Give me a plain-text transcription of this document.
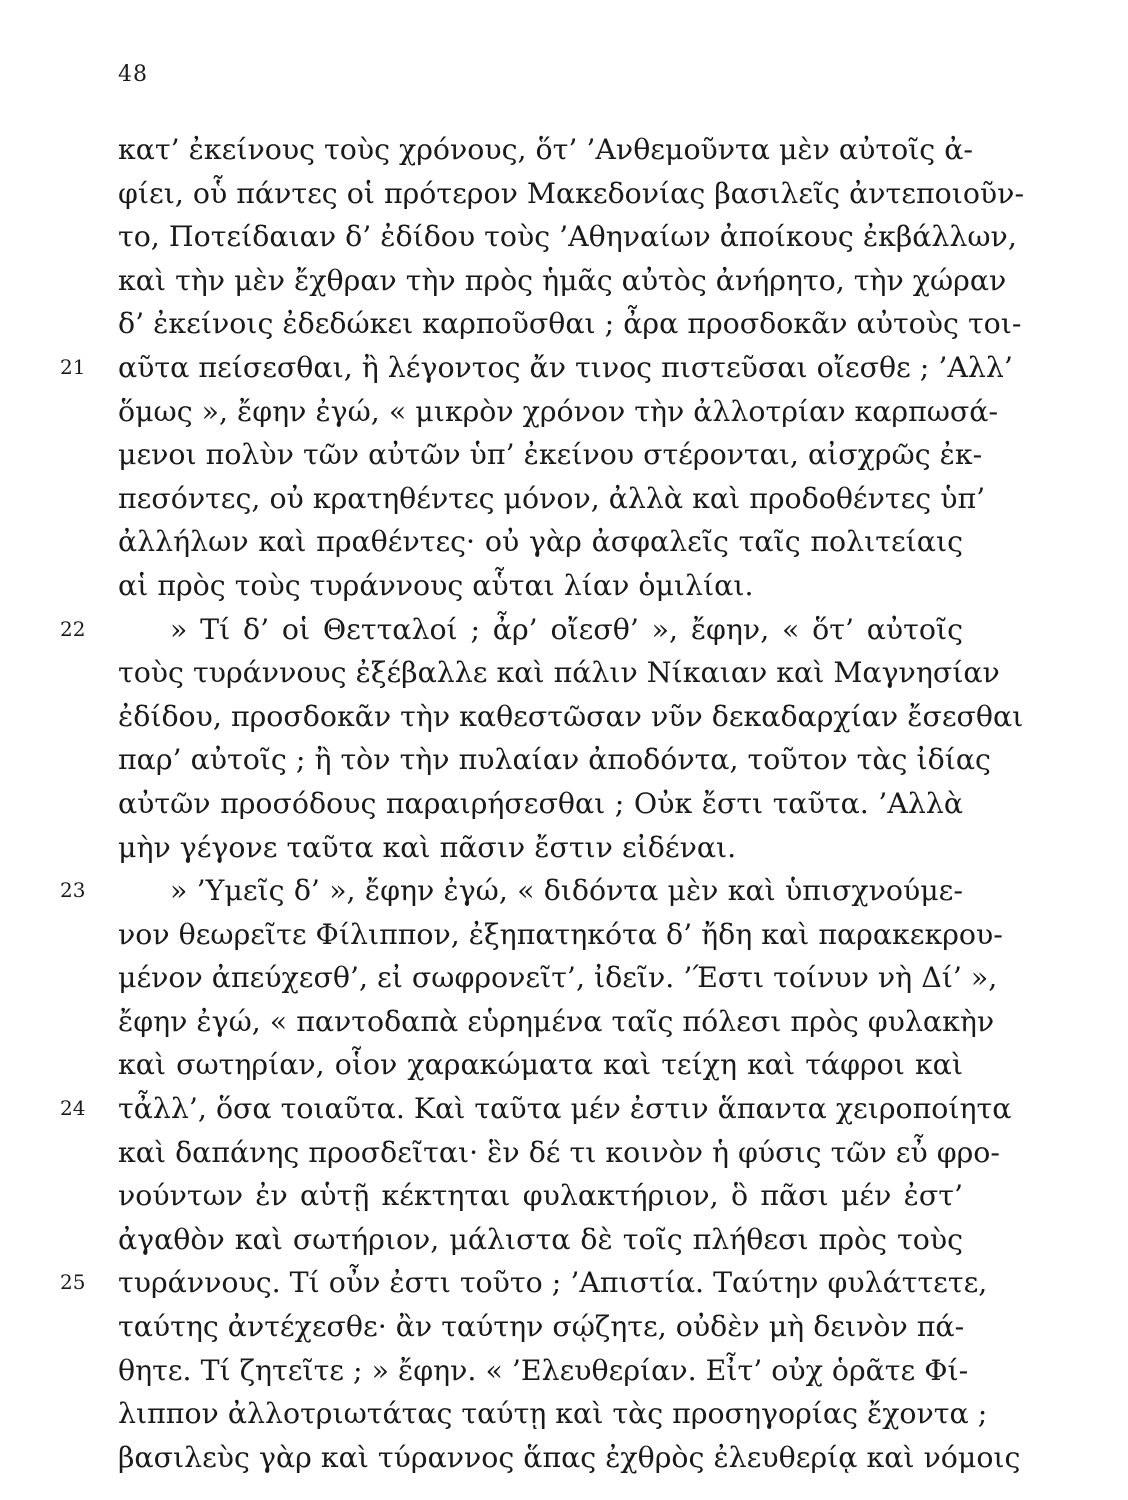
48
κατ’ ἐκείνους τοὺς χρόνους, ὅτ’ ’Ανθεμοῦντα μὲν αὐτοῖς ἀ-
φίει, οὗ πάντες οἱ πρότερον Μακεδονίας βασιλεῖς ἀντεποιοῦν-
το, Ποτείδαιαν δ’ ἐδίδου τοὺς ’Αθηναίων ἀποίκους ἐκβάλλων,
καὶ τὴν μὲν ἔχθραν τὴν πρὸς ἡμᾶς αὐτὸς ἀνήρητο, τὴν χώραν
δ’ ἐκείνοις ἐδεδώκει καρποῦσθαι ; ἆρα προσδοκᾶν αὐτοὺς τοι-
21 αῦτα πείσεσθαι, ἢ λέγοντος ἄν τινος πιστεῦσαι οἴεσθε ; ’Αλλ’
ὅμως », ἔφην ἐγώ, « μικρὸν χρόνον τὴν ἀλλοτρίαν καρπωσά-
μενοι πολὺν τῶν αὐτῶν ὑπ’ ἐκείνου στέρονται, αἰσχρῶς ἐκ-
πεσόντες, οὐ κρατηθέντες μόνον, ἀλλὰ καὶ προδοθέντες ὑπ’
ἀλλήλων καὶ πραθέντες· οὐ γὰρ ἀσφαλεῖς ταῖς πολιτείαις
αἱ πρὸς τοὺς τυράννους αὗται λίαν ὁμιλίαι.
22	» Τί δ’ οἱ Θετταλοί ; ἆρ’ οἴεσθ’ », ἔφην, « ὅτ’ αὐτοῖς
τοὺς τυράννους ἐξέβαλλε καὶ πάλιν Νίκαιαν καὶ Μαγνησίαν
ἐδίδου, προσδοκᾶν τὴν καθεστῶσαν νῦν δεκαδαρχίαν ἔσεσθαι
παρ’ αὐτοῖς ; ἢ τὸν τὴν πυλαίαν ἀποδόντα, τοῦτον τὰς ἰδίας
αὐτῶν προσόδους παραιρήσεσθαι ; Οὐκ ἔστι ταῦτα. ’Αλλὰ
μὴν γέγονε ταῦτα καὶ πᾶσιν ἔστιν εἰδέναι.
23	» ’Υμεῖς δ’ », ἔφην ἐγώ, « διδόντα μὲν καὶ ὑπισχνούμε-
νον θεωρεῖτε Φίλιππον, ἐξηπατηκότα δ’ ἤδη καὶ παρακεκρου-
μένον ἀπεύχεσθ’, εἰ σωφρονεῖτ’, ἰδεῖν. ’Έστι τοίνυν νὴ Δί’ »,
ἔφην ἐγώ, « παντοδαπὰ εὑρημένα ταῖς πόλεσι πρὸς φυλακὴν
καὶ σωτηρίαν, οἷον χαρακώματα καὶ τείχη καὶ τάφροι καὶ
24 τἆλλ’, ὅσα τοιαῦτα. Καὶ ταῦτα μέν ἐστιν ἅπαντα χειροποίητα
καὶ δαπάνης προσδεῖται· ἓν δέ τι κοινὸν ἡ φύσις τῶν εὖ φρο-
νούντων ἐν αὑτῇ κέκτηται φυλακτήριον, ὃ πᾶσι μέν ἐστ’
ἀγαθὸν καὶ σωτήριον, μάλιστα δὲ τοῖς πλήθεσι πρὸς τοὺς
25 τυράννους. Τί οὖν ἐστι τοῦτο ; ’Απιστία. Ταύτην φυλάττετε,
ταύτης ἀντέχεσθε· ἂν ταύτην σῴζητε, οὐδὲν μὴ δεινὸν πά-
θητε. Τί ζητεῖτε ; » ἔφην. « ’Ελευθερίαν. Εἶτ’ οὐχ ὁρᾶτε Φί-
λιππον ἀλλοτριωτάτας ταύτῃ καὶ τὰς προσηγορίας ἔχοντα ;
βασιλεὺς γὰρ καὶ τύραννος ἅπας ἐχθρὸς ἐλευθερίᾳ καὶ νόμοις
